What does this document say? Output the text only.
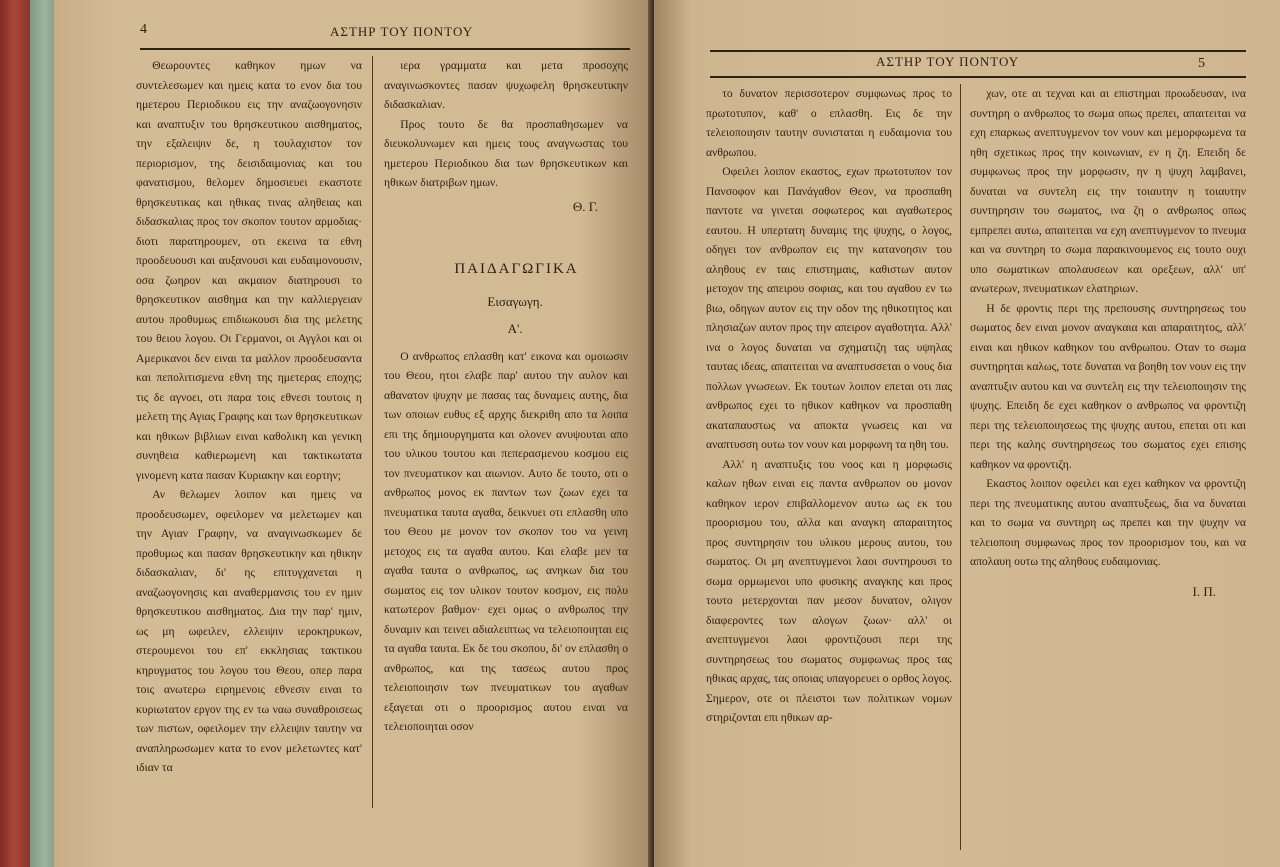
4	ΑΣΤΗΡ ΤΟΥ ΠΟΝΤΟΥ

Θεωρουντες καθηκον ημων να συντελεσωμεν και ημεις κατα το ενον δια του ημετερου Περιοδικου εις την αναζωογονησιν και αναπτυξιν του θρησκευτικου αισθηματος, την εξαλειψιν δε, η τουλαχιστον τον περιορισμον, της δεισιδαιμονιας και του φανατισμου, θελομεν δημοσιευει εκαστοτε θρησκευτικας και ηθικας τινας αληθειας και διδασκαλιας προς τον σκοπον τουτον αρμοδιας· διοτι παρατηρουμεν, οτι εκεινα τα εθνη προοδευουσι και αυξανουσι και ευδαιμονουσιν, οσα ζωηρον και ακμαιον διατηρουσι το θρησκευτικον αισθημα και την καλλιεργειαν αυτου προθυμως επιδιωκουσι δια της μελετης του θειου λογου. Οι Γερμανοι, οι Αγγλοι και οι Αμερικανοι δεν ειναι τα μαλλον προοδευσαντα και πεπολιτισμενα εθνη της ημετερας εποχης; τις δε αγνοει, οτι παρα τοις εθνεσι τουτοις η μελετη της Αγιας Γραφης και των θρησκευτικων και ηθικων βιβλιων ειναι καθολικη και γενικη συνηθεια καθιερωμενη και τακτικωτατα γινομενη κατα πασαν Κυριακην και εορτην;

Αν θελωμεν λοιπον και ημεις να προοδευσωμεν, οφειλομεν να μελετωμεν και την Αγιαν Γραφην, να αναγινωσκωμεν δε προθυμως και πασαν θρησκευτικην και ηθικην διδασκαλιαν, δι' ης επιτυγχανεται η αναζωογονησις και αναθερμανσις του εν ημιν θρησκευτικου αισθηματος. Δια την παρ' ημιν, ως μη ωφειλεν, ελλειψιν ιεροκηρυκων, στερουμενοι του επ' εκκλησιας τακτικου κηρυγματος του λογου του Θεου, οπερ παρα τοις ανωτερω ειρημενοις εθνεσιν ειναι το κυριωτατον εργον της εν τω ναω συναθροισεως των πιστων, οφειλομεν την ελλειψιν ταυτην να αναπληρωσωμεν κατα το ενον μελετωντες κατ' ιδιαν τα

ιερα γραμματα και μετα προσοχης αναγινωσκοντες πασαν ψυχωφελη θρησκευτικην διδασκαλιαν.

Προς τουτο δε θα προσπαθησωμεν να διευκολυνωμεν και ημεις τους αναγνωστας του ημετερου Περιοδικου δια των θρησκευτικων και ηθικων διατριβων ημων.

Θ. Γ.

ΠΑΙΔΑΓΩΓΙΚΑ

Εισαγωγη.

Α'.

Ο ανθρωπος επλασθη κατ' εικονα και ομοιωσιν του Θεου, ητοι ελαβε παρ' αυτου την αυλον και αθανατον ψυχην με πασας τας δυναμεις αυτης, δια των οποιων ευθυς εξ αρχης διεκριθη απο τα λοιπα επι της δημιουργηματα και ολονεν ανυψουται απο του υλικου τουτου και πεπερασμενου κοσμου εις τον πνευματικον και αιωνιον. Αυτο δε τουτο, οτι ο ανθρωπος μονος εκ παντων των ζωων εχει τα πνευματικα ταυτα αγαθα, δεικνυει οτι επλασθη υπο του Θεου με μονον τον σκοπον του να γεινη μετοχος εις τα αγαθα αυτου. Και ελαβε μεν τα αγαθα ταυτα ο ανθρωπος, ως ανηκων δια του σωματος εις τον υλικον τουτον κοσμον, εις πολυ κατωτερον βαθμον· εχει ομως ο ανθρωπος την δυναμιν και τεινει αδιαλειπτως να τελειοποιηται εις τα αγαθα ταυτα. Εκ δε του σκοπου, δι' ον επλασθη ο ανθρωπος, και της τασεως αυτου προς τελειοποιησιν των πνευματικων του αγαθων εξαγεται οτι ο προορισμος αυτου ειναι να τελειοποιηται οσον

ΑΣΤΗΡ ΤΟΥ ΠΟΝΤΟΥ	5

το δυνατον περισσοτερον συμφωνως προς το πρωτοτυπον, καθ' ο επλασθη. Εις δε την τελειοποιησιν ταυτην συνισταται η ευδαιμονια του ανθρωπου.

Οφειλει λοιπον εκαστος, εχων πρωτοτυπον τον Πανσοφον και Πανάγαθον Θεον, να προσπαθη παντοτε να γινεται σοφωτερος και αγαθωτερος εαυτου. Η υπερτατη δυναμις της ψυχης, ο λογος, οδηγει τον ανθρωπον εις την κατανοησιν του αληθους εν ταις επιστημαις, καθιστων αυτον μετοχον της απειρου σοφιας, και του αγαθου εν τω βιω, οδηγων αυτον εις την οδον της ηθικοτητος και πλησιαζων αυτον προς την απειρον αγαθοτητα. Αλλ' ινα ο λογος δυναται να σχηματιζη τας υψηλας ταυτας ιδεας, απαιτειται να αναπτυσσεται ο νους δια πολλων γνωσεων. Εκ τουτων λοιπον επεται οτι πας ανθρωπος εχει το ηθικον καθηκον να προσπαθη ακαταπαυστως να αποκτα γνωσεις και να αναπτυσση ουτω τον νουν και μορφωνη τα ηθη του.

Αλλ' η αναπτυξις του νοος και η μορφωσις καλων ηθων ειναι εις παντα ανθρωπον ου μονον καθηκον ιερον επιβαλλομενον αυτω ως εκ του προορισμου του, αλλα και αναγκη απαραιτητος προς συντηρησιν του υλικου μερους αυτου, του σωματος. Οι μη ανεπτυγμενοι λαοι συντηρουσι το σωμα ορμωμενοι υπο φυσικης αναγκης και προς τουτο μετερχονται παν μεσον δυνατον, ολιγον διαφεροντες των αλογων ζωων· αλλ' οι ανεπτυγμενοι λαοι φροντιζουσι περι της συντηρησεως του σωματος συμφωνως προς τας ηθικας αρχας, τας οποιας υπαγορευει ο ορθος λογος. Σημερον, οτε οι πλειστοι των πολιτικων νομων στηριζονται επι ηθικων αρ-

χων, οτε αι τεχναι και αι επιστημαι προωδευσαν, ινα συντηρη ο ανθρωπος το σωμα οπως πρεπει, απαιτειται να εχη επαρκως ανεπτυγμενον τον νουν και μεμορφωμενα τα ηθη σχετικως προς την κοινωνιαν, εν η ζη. Επειδη δε συμφωνως προς την μορφωσιν, ην η ψυχη λαμβανει, δυναται να συντελη εις την τοιαυτην η τοιαυτην συντηρησιν του σωματος, ινα ζη ο ανθρωπος οπως εμπρεπει αυτω, απαιτειται να εχη ανεπτυγμενον το πνευμα και να συντηρη το σωμα παρακινουμενος εις τουτο ουχι υπο σωματικων απολαυσεων και ορεξεων, αλλ' υπ' ανωτερων, πνευματικων ελατηριων.

Η δε φροντις περι της πρεπουσης συντηρησεως του σωματος δεν ειναι μονον αναγκαια και απαραιτητος, αλλ' ειναι και ηθικον καθηκον του ανθρωπου. Οταν το σωμα συντηρηται καλως, τοτε δυναται να βοηθη τον νουν εις την αναπτυξιν αυτου και να συντελη εις την τελειοποιησιν της ψυχης. Επειδη δε εχει καθηκον ο ανθρωπος να φροντιζη περι της τελειοποιησεως της ψυχης αυτου, επεται οτι και περι της καλης συντηρησεως του σωματος εχει επισης καθηκον να φροντιζη.

Εκαστος λοιπον οφειλει και εχει καθηκον να φροντιζη περι της πνευματικης αυτου αναπτυξεως, δια να δυναται και το σωμα να συντηρη ως πρεπει και την ψυχην να τελειοποιη συμφωνως προς τον προορισμον του, και να απολαυη ουτω της αληθους ευδαιμονιας.

Ι. Π.
